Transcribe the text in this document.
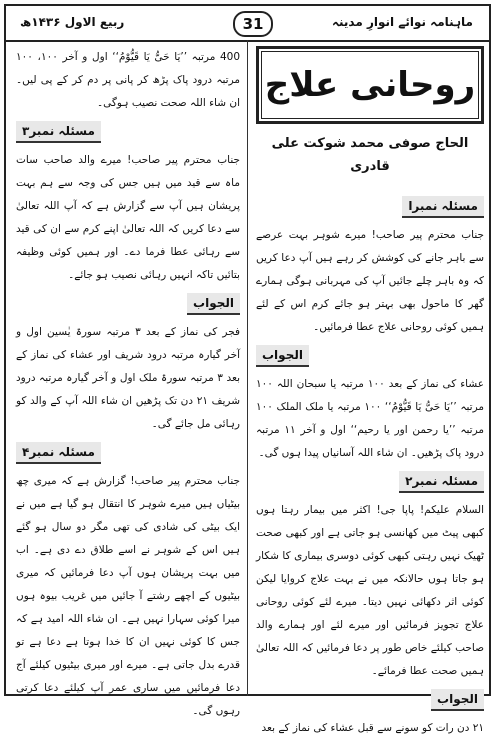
ربیع الاول ۱۴۳۶ھ	31	ماہنامہ نوائے انوارِ مدینہ
روحانی علاج
الحاج صوفی محمد شوکت علی قادری
مسئلہ نمبرا

جناب محترم پیر صاحب! میرے شوہر بہت عرصے سے باہر جانے کی کوشش کر رہے ہیں آپ دعا کریں کہ وہ باہر چلے جائیں آپ کی مہربانی ہوگی ہمارے گھر کا ماحول بھی بہتر ہو جائے کرم اس کے لئے ہمیں کوئی روحانی علاج عطا فرمائیں۔

الجواب

عشاء کی نماز کے بعد ۱۰۰ مرتبہ یا سبحان اللہ ۱۰۰ مرتبہ ’’یَا حَیُّ یَا قَیُّوْمُ‘‘ ۱۰۰ مرتبہ یا ملک الملک ۱۰۰ مرتبہ ’’یا رحمن اور یا رحیم‘‘ اول و آخر ۱۱ مرتبہ درود پاک پڑھیں۔ ان شاء اللہ آسانیاں پیدا ہوں گی۔

مسئلہ نمبر۲

السلام علیکم! پاپا جی! اکثر میں بیمار رہتا ہوں کبھی پیٹ میں کھانسی ہو جاتی ہے اور کبھی صحت ٹھیک نہیں رہتی کبھی کوئی دوسری بیماری کا شکار ہو جاتا ہوں حالانکہ میں نے بہت علاج کروایا لیکن کوئی اثر دکھائی نہیں دیتا۔ میرے لئے کوئی روحانی علاج تجویز فرمائیں اور میرے لئے اور ہمارے والد صاحب کیلئے خاص طور پر دعا فرمائیں کہ اللہ تعالیٰ ہمیں صحت عطا فرمائے۔

الجواب

۲۱ دن رات کو سونے سے قبل عشاء کی نماز کے بعد

400 مرتبہ ’’یَا حَیُّ یَا قَیُّوْمُ‘‘ اول و آخر ۱۰۰، ۱۰۰ مرتبہ درود پاک پڑھ کر پانی پر دم کر کے پی لیں۔ ان شاء اللہ صحت نصیب ہوگی۔

مسئلہ نمبر۳

جناب محترم پیر صاحب! میرے والد صاحب سات ماہ سے قید میں ہیں جس کی وجہ سے ہم بہت پریشان ہیں آپ سے گزارش ہے کہ آپ اللہ تعالیٰ سے دعا کریں کہ اللہ تعالیٰ اپنے کرم سے ان کی قید سے رہائی عطا فرما دے۔ اور ہمیں کوئی وظیفہ بتائیں تاکہ انہیں رہائی نصیب ہو جائے۔

الجواب

فجر کی نماز کے بعد ۳ مرتبہ سورۃ یٰسین اول و آخر گیارہ مرتبہ درود شریف اور عشاء کی نماز کے بعد ۳ مرتبہ سورۃ ملک اول و آخر گیارہ مرتبہ درود شریف ۲۱ دن تک پڑھیں ان شاء اللہ آپ کے والد کو رہائی مل جائے گی۔

مسئلہ نمبر۴

جناب محترم پیر صاحب! گزارش ہے کہ میری چھ بیٹیاں ہیں میرے شوہر کا انتقال ہو گیا ہے میں نے ایک بیٹی کی شادی کی تھی مگر دو سال ہو گئے ہیں اس کے شوہر نے اسے طلاق دے دی ہے۔ اب میں بہت پریشان ہوں آپ دعا فرمائیں کہ میری بیٹیوں کے اچھے رشتے آ جائیں میں غریب بیوہ ہوں میرا کوئی سہارا نہیں ہے۔ ان شاء اللہ امید ہے کہ جس کا کوئی نہیں ان کا خدا ہوتا ہے دعا ہے تو قدرے بدل جاتی ہے۔ میرے اور میری بیٹیوں کیلئے آج دعا فرمائیں میں ساری عمر آپ کیلئے دعا کرتی رہوں گی۔
